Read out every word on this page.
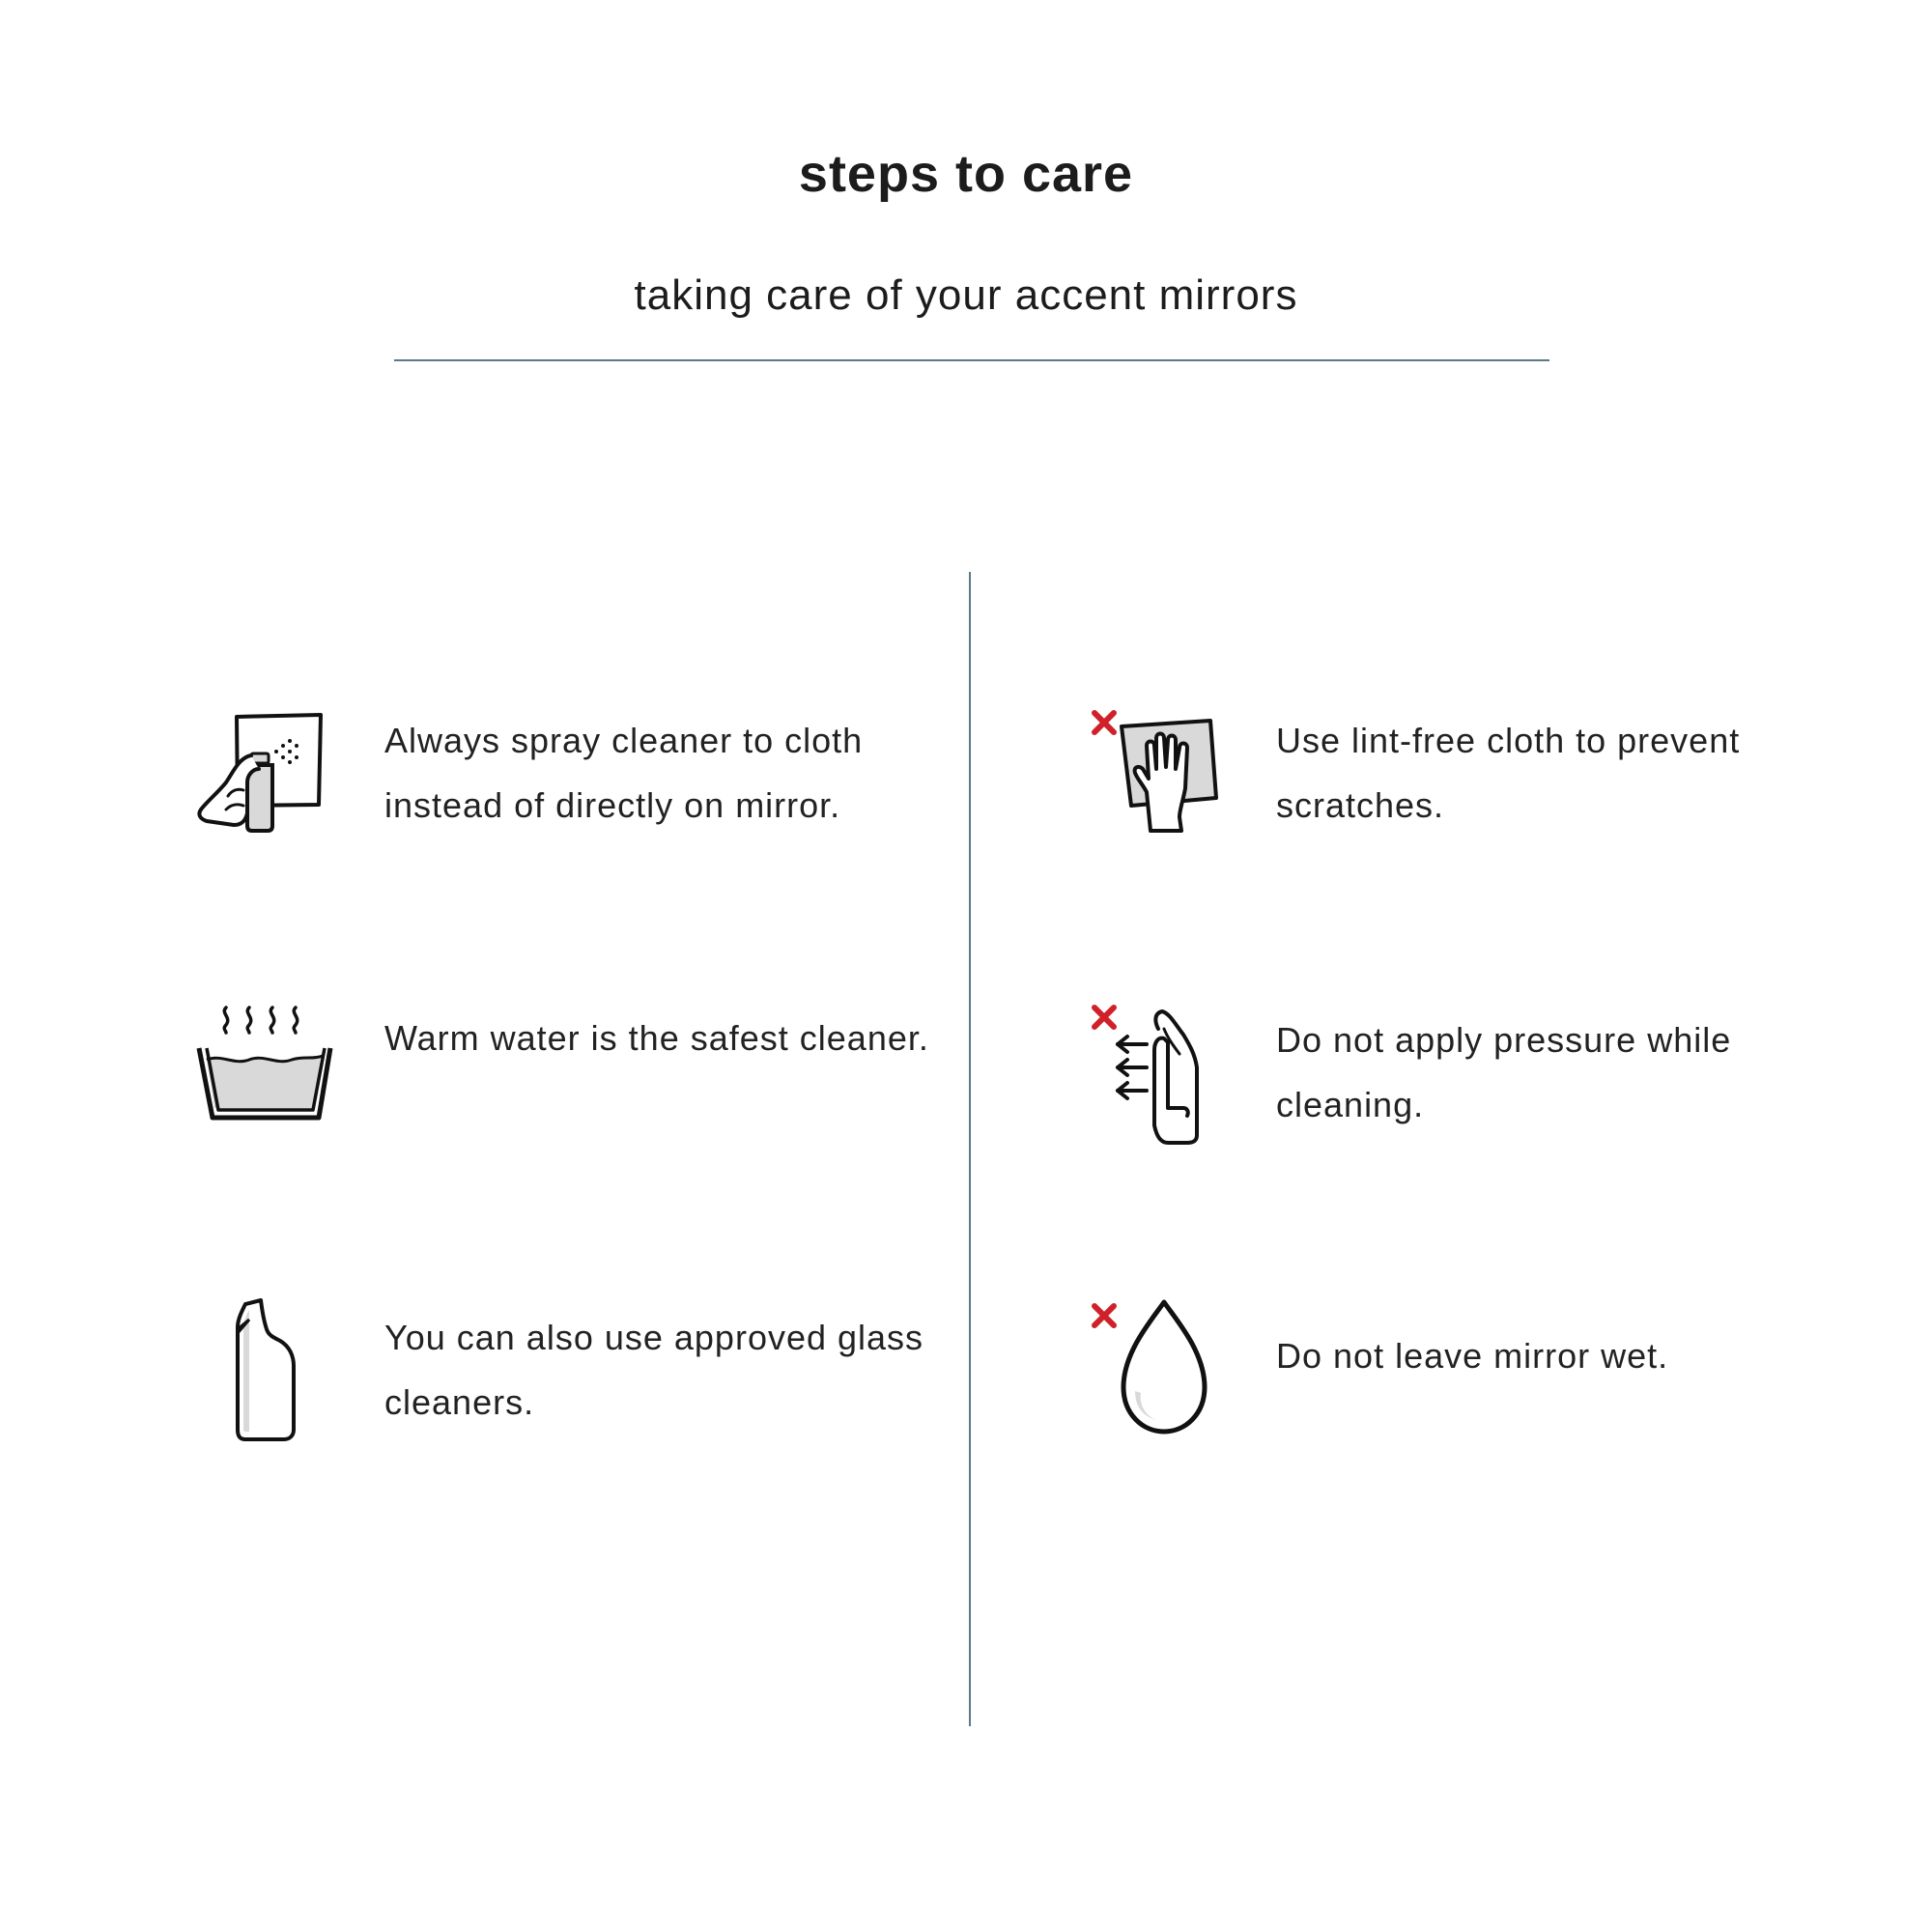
steps to care
taking care of your accent mirrors

Always spray cleaner to cloth instead of directly on mirror.

Warm water is the safest cleaner.

You can also use approved glass cleaners.

Use lint-free cloth to prevent scratches.

Do not apply pressure while cleaning.

Do not leave mirror wet.
